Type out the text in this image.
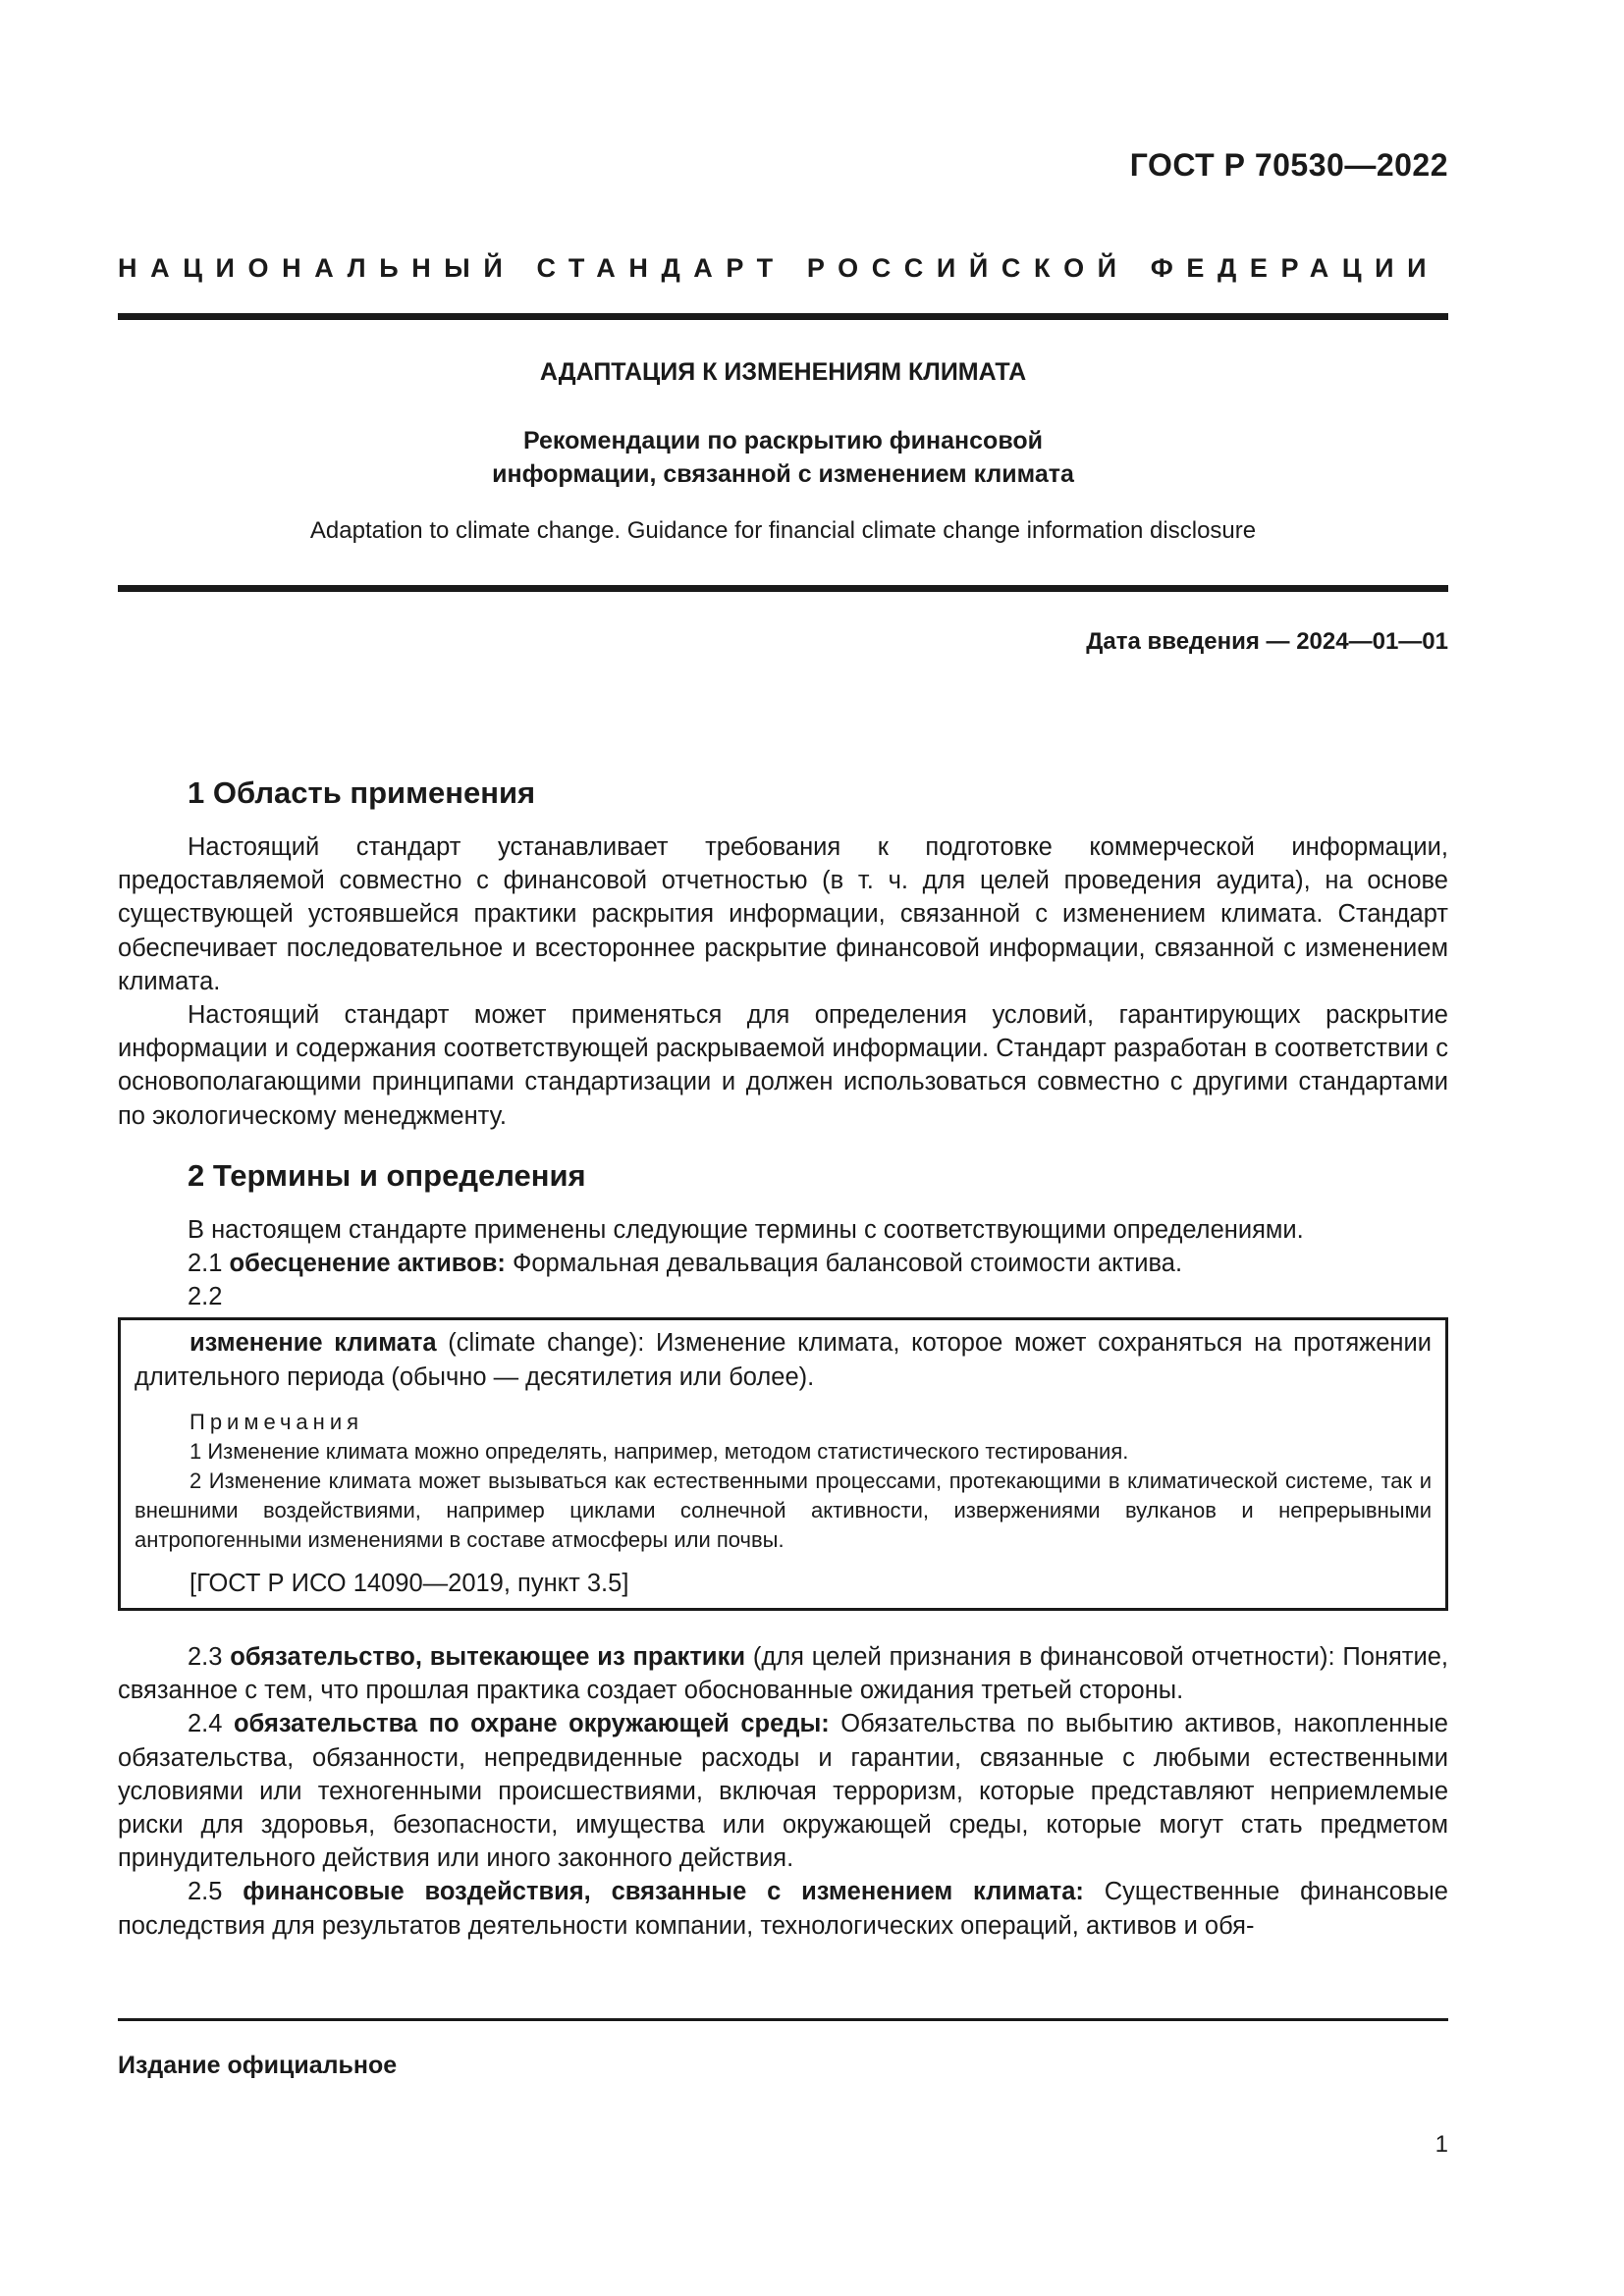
ГОСТ Р 70530—2022
НАЦИОНАЛЬНЫЙ СТАНДАРТ РОССИЙСКОЙ ФЕДЕРАЦИИ
АДАПТАЦИЯ К ИЗМЕНЕНИЯМ КЛИМАТА
Рекомендации по раскрытию финансовой
информации, связанной с изменением климата
Adaptation to climate change. Guidance for financial climate change information disclosure
Дата введения — 2024—01—01
1 Область применения

Настоящий стандарт устанавливает требования к подготовке коммерческой информации, предоставляемой совместно с финансовой отчетностью (в т. ч. для целей проведения аудита), на основе существующей устоявшейся практики раскрытия информации, связанной с изменением климата. Стандарт обеспечивает последовательное и всестороннее раскрытие финансовой информации, связанной с изменением климата.

Настоящий стандарт может применяться для определения условий, гарантирующих раскрытие информации и содержания соответствующей раскрываемой информации. Стандарт разработан в соответствии с основополагающими принципами стандартизации и должен использоваться совместно с другими стандартами по экологическому менеджменту.

2 Термины и определения

В настоящем стандарте применены следующие термины с соответствующими определениями.

2.1 обесценение активов: Формальная девальвация балансовой стоимости актива.

2.2

изменение климата (climate change): Изменение климата, которое может сохраняться на протяжении длительного периода (обычно — десятилетия или более).

Примечания

1 Изменение климата можно определять, например, методом статистического тестирования.

2 Изменение климата может вызываться как естественными процессами, протекающими в климатической системе, так и внешними воздействиями, например циклами солнечной активности, извержениями вулканов и непрерывными антропогенными изменениями в составе атмосферы или почвы.

[ГОСТ Р ИСО 14090—2019, пункт 3.5]

2.3 обязательство, вытекающее из практики (для целей признания в финансовой отчетности): Понятие, связанное с тем, что прошлая практика создает обоснованные ожидания третьей стороны.

2.4 обязательства по охране окружающей среды: Обязательства по выбытию активов, накопленные обязательства, обязанности, непредвиденные расходы и гарантии, связанные с любыми естественными условиями или техногенными происшествиями, включая терроризм, которые представляют неприемлемые риски для здоровья, безопасности, имущества или окружающей среды, которые могут стать предметом принудительного действия или иного законного действия.

2.5 финансовые воздействия, связанные с изменением климата: Существенные финансовые последствия для результатов деятельности компании, технологических операций, активов и обя-

Издание официальное
1
